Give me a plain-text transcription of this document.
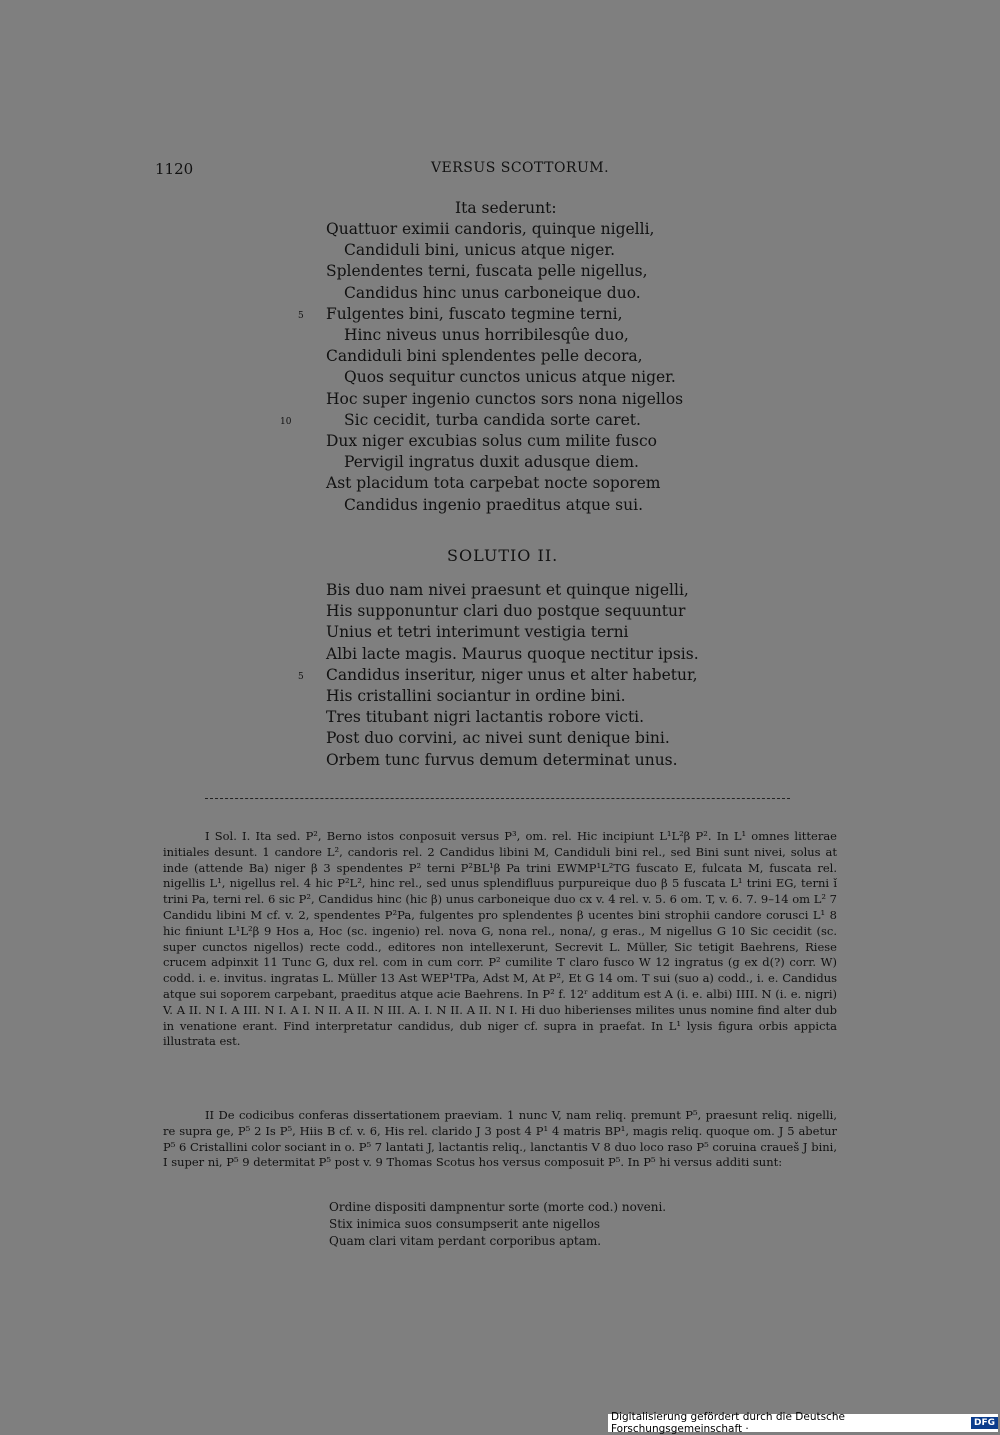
1120	VERSUS SCOTTORUM.
Ita sederunt:
Quattuor eximii candoris, quinque nigelli,
Candiduli bini, unicus atque niger.
Splendentes terni, fuscata pelle nigellus,
Candidus hinc unus carboneique duo.
5 Fulgentes bini, fuscato tegmine terni,
Hinc niveus unus horribilesqûe duo,
Candiduli bini splendentes pelle decora,
Quos sequitur cunctos unicus atque niger.
Hoc super ingenio cunctos sors nona nigellos
10	Sic cecidit, turba candida sorte caret.
Dux niger excubias solus cum milite fusco
Pervigil ingratus duxit adusque diem.
Ast placidum tota carpebat nocte soporem
Candidus ingenio praeditus atque sui.
SOLUTIO II.
Bis duo nam nivei praesunt et quinque nigelli,
His supponuntur clari duo postque sequuntur
Unius et tetri interimunt vestigia terni
Albi lacte magis. Maurus quoque nectitur ipsis.
5 Candidus inseritur, niger unus et alter habetur,
His cristallini sociantur in ordine bini.
Tres titubant nigri lactantis robore victi.
Post duo corvini, ac nivei sunt denique bini.
Orbem tunc furvus demum determinat unus.

I Sol. I. Ita sed. P², Berno istos conposuit versus P³, om. rel. Hic incipiunt L¹L²β P². In L¹ omnes litterae initiales desunt. 1 candore L², candoris rel. 2 Candidus libini M, Candiduli bini rel., sed Bini sunt nivei, solus at inde (attende Ba) niger β 3 spendentes P² terni P²BL¹β Pa trini EWMP¹L²TG fuscato E, fulcata M, fuscata rel. nigellis L¹, nigellus rel. 4 hic P²L², hinc rel., sed unus splendifluus purpureique duo β 5 fuscata L¹ trini EG, terni ǐ trini Pa, terni rel. 6 sic P², Candidus hinc (hic β) unus carboneique duo cx v. 4 rel. v. 5. 6 om. T, v. 6. 7. 9–14 om L² 7 Candidu libini M cf. v. 2, spendentes P²Pa, fulgentes pro splendentes β ucentes bini strophii candore corusci L¹ 8 hic finiunt L¹L²β 9 Hos a, Hoc (sc. ingenio) rel. nova G, nona rel., nona/, g eras., M nigellus G 10 Sic cecidit (sc. super cunctos nigellos) recte codd., editores non intellexerunt, Secrevit L. Müller, Sic tetigit Baehrens, Riese crucem adpinxit 11 Tunc G, dux rel. com in cum corr. P² cumilite T claro fusco W 12 ingratus (g ex d(?) corr. W) codd. i. e. invitus. ingratas L. Müller 13 Ast WEP¹TPa, Adst M, At P², Et G 14 om. T sui (suo a) codd., i. e. Candidus atque sui soporem carpebant, praeditus atque acie Baehrens. In P² f. 12ʳ additum est A (i. e. albi) IIII. N (i. e. nigri) V. A II. N I. A III. N I. A I. N II. A II. N III. A. I. N II. A II. N I. Hi duo hiberienses milites unus nomine find alter dub in venatione erant. Find interpretatur candidus, dub niger cf. supra in praefat. In L¹ lysis figura orbis appicta illustrata est.

II De codicibus conferas dissertationem praeviam. 1 nunc V, nam reliq. premunt P⁵, praesunt reliq. nigelli, re supra ge, P⁵ 2 Is P⁵, Hiis B cf. v. 6, His rel. clarido J 3 post 4 P¹ 4 matris BP¹, magis reliq. quoque om. J 5 abetur P⁵ 6 Cristallini color sociant in o. P⁵ 7 lantati J, lactantis reliq., lanctantis V 8 duo loco raso P⁵ coruina craueš J bini, I super ni, P⁵ 9 determitat P⁵ post v. 9 Thomas Scotus hos versus composuit P⁵. In P⁵ hi versus additi sunt:

Ordine dispositi dampnentur sorte (morte cod.) noveni.
Stix inimica suos consumpserit ante nigellos
Quam clari vitam perdant corporibus aptam.
Digitalisierung gefördert durch die Deutsche Forschungsgemeinschaft ·	DFG
